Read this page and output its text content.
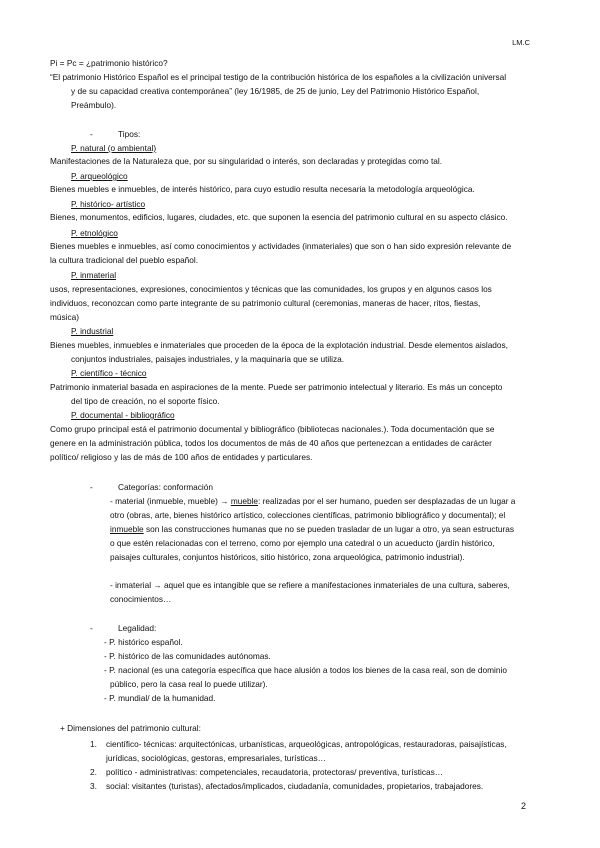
LM.C
Pi = Pc = ¿patrimonio histórico?
“El patrimonio Histórico Español es el principal testigo de la contribución histórica de los españoles a la civilización universal
y de su capacidad creativa contemporánea” (ley 16/1985, de 25 de junio, Ley del Patrimonio Histórico Español,
Preámbulo).
-	Tipos:
P. natural (o ambiental)
Manifestaciones de la Naturaleza que, por su singularidad o interés, son declaradas y protegidas como tal.
P. arqueológico
Bienes muebles e inmuebles, de interés histórico, para cuyo estudio resulta necesaria la metodología arqueológica.
P. histórico- artístico
Bienes, monumentos, edificios, lugares, ciudades, etc. que suponen la esencia del patrimonio cultural en su aspecto clásico.
P. etnológico
Bienes muebles e inmuebles, así como conocimientos y actividades (inmateriales) que son o han sido expresión relevante de
la cultura tradicional del pueblo español.
P. inmaterial
usos, representaciones, expresiones, conocimientos y técnicas que las comunidades, los grupos y en algunos casos los
individuos, reconozcan como parte integrante de su patrimonio cultural (ceremonias, maneras de hacer, ritos, fiestas,
música)
P. industrial
Bienes muebles, inmuebles e inmateriales que proceden de la época de la explotación industrial. Desde elementos aislados,
conjuntos industriales, paisajes industriales, y la maquinaria que se utiliza.
P. científico - técnico
Patrimonio inmaterial basada en aspiraciones de la mente. Puede ser patrimonio intelectual y literario. Es más un concepto
del tipo de creación, no el soporte físico.
P. documental - bibliográfico
Como grupo principal está el patrimonio documental y bibliográfico (bibliotecas nacionales.). Toda documentación que se
genere en la administración pública, todos los documentos de más de 40 años que pertenezcan a entidades de carácter
político/ religioso y las de más de 100 años de entidades y particulares.
-	Categorías: conformación
- material (inmueble, mueble) → mueble: realizadas por el ser humano, pueden ser desplazadas de un lugar a
otro (obras, arte, bienes histórico artístico, colecciones científicas, patrimonio bibliográfico y documental); el
inmueble son las construcciones humanas que no se pueden trasladar de un lugar a otro, ya sean estructuras
o que estén relacionadas con el terreno, como por ejemplo una catedral o un acueducto (jardín histórico,
paisajes culturales, conjuntos históricos, sitio histórico, zona arqueológica, patrimonio industrial).
- inmaterial → aquel que es intangible que se refiere a manifestaciones inmateriales de una cultura, saberes,
conocimientos…
-	Legalidad:
- P. histórico español.
- P. histórico de las comunidades autónomas.
- P. nacional (es una categoría específica que hace alusión a todos los bienes de la casa real, son de dominio
público, pero la casa real lo puede utilizar).
- P. mundial/ de la humanidad.
+ Dimensiones del patrimonio cultural:
1. científico- técnicas: arquitectónicas, urbanísticas, arqueológicas, antropológicas, restauradoras, paisajísticas,
jurídicas, sociológicas, gestoras, empresariales, turísticas…
2. político - administrativas: competenciales, recaudatoria, protectoras/ preventiva, turísticas…
3. social: visitantes (turistas), afectados/implicados, ciudadanía, comunidades, propietarios, trabajadores.
2
